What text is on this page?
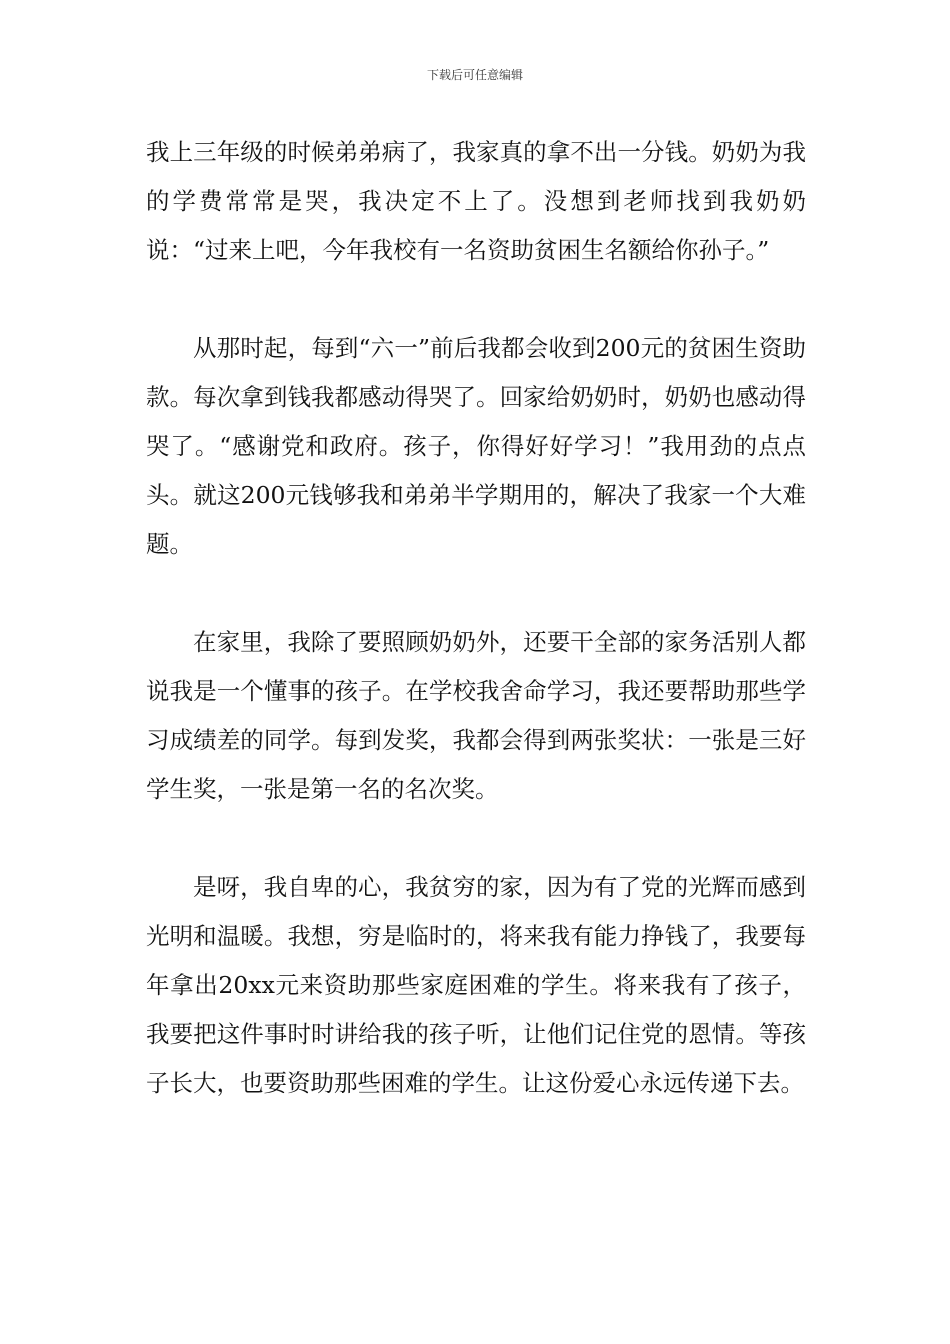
下载后可任意编辑

我上三年级的时候弟弟病了，我家真的拿不出一分钱。奶奶为我的学费常常是哭，我决定不上了。没想到老师找到我奶奶说：“过来上吧，今年我校有一名资助贫困生名额给你孙子。”

从那时起，每到“六一”前后我都会收到200元的贫困生资助款。每次拿到钱我都感动得哭了。回家给奶奶时，奶奶也感动得哭了。“感谢党和政府。孩子，你得好好学习！”我用劲的点点头。就这200元钱够我和弟弟半学期用的，解决了我家一个大难题。

在家里，我除了要照顾奶奶外，还要干全部的家务活别人都说我是一个懂事的孩子。在学校我舍命学习，我还要帮助那些学习成绩差的同学。每到发奖，我都会得到两张奖状：一张是三好学生奖，一张是第一名的名次奖。

是呀，我自卑的心，我贫穷的家，因为有了党的光辉而感到光明和温暖。我想，穷是临时的，将来我有能力挣钱了，我要每年拿出20xx元来资助那些家庭困难的学生。将来我有了孩子，我要把这件事时时讲给我的孩子听，让他们记住党的恩情。等孩子长大，也要资助那些困难的学生。让这份爱心永远传递下去。
